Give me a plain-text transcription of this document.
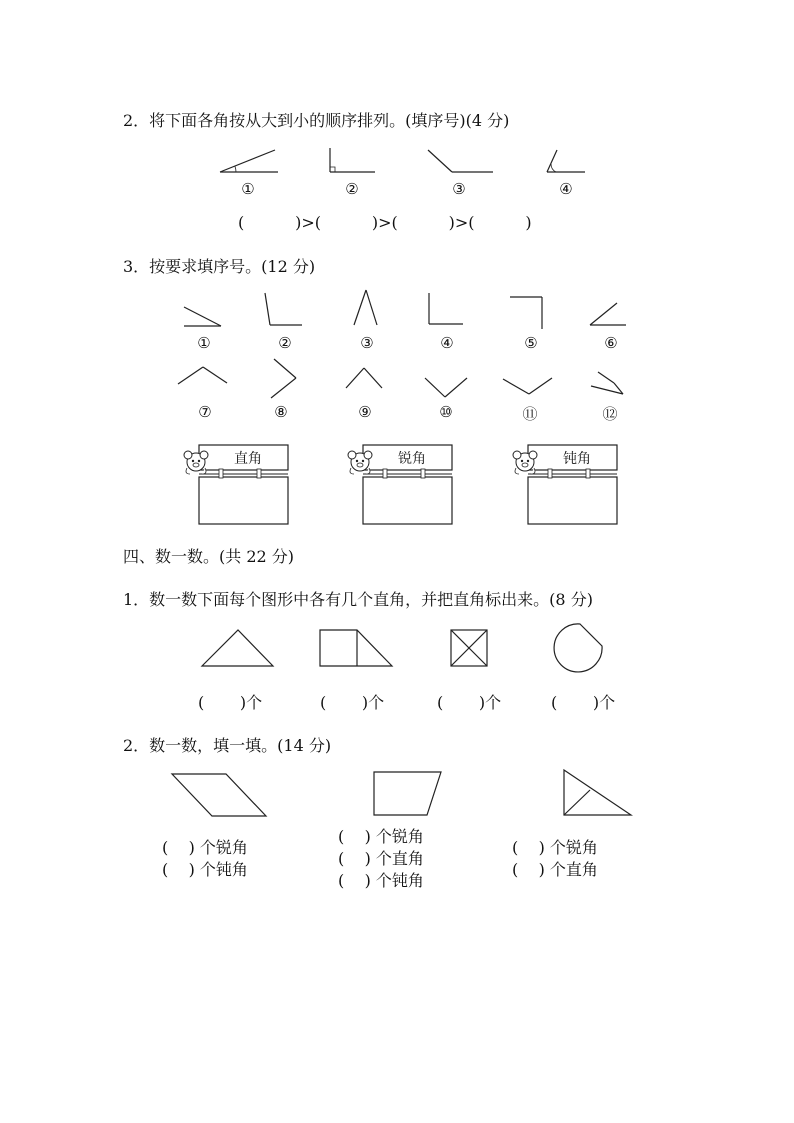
2．将下面各角按从大到小的顺序排列。(填序号)(4 分)
①	②	③	④
(          )>(          )>(          )>(          )
3．按要求填序号。(12 分)
①	②	③	④	⑤	⑥
⑦	⑧	⑨	⑩	⑪	⑫
直角	锐角	钝角
四、数一数。(共 22 分)
1．数一数下面每个图形中各有几个直角，并把直角标出来。(8 分)
(       )个	(       )个	(       )个	(       )个
2．数一数，填一填。(14 分)
(    ) 个锐角
(    ) 个钝角
(    ) 个锐角
(    ) 个直角
(    ) 个钝角
(    ) 个锐角
(    ) 个直角
